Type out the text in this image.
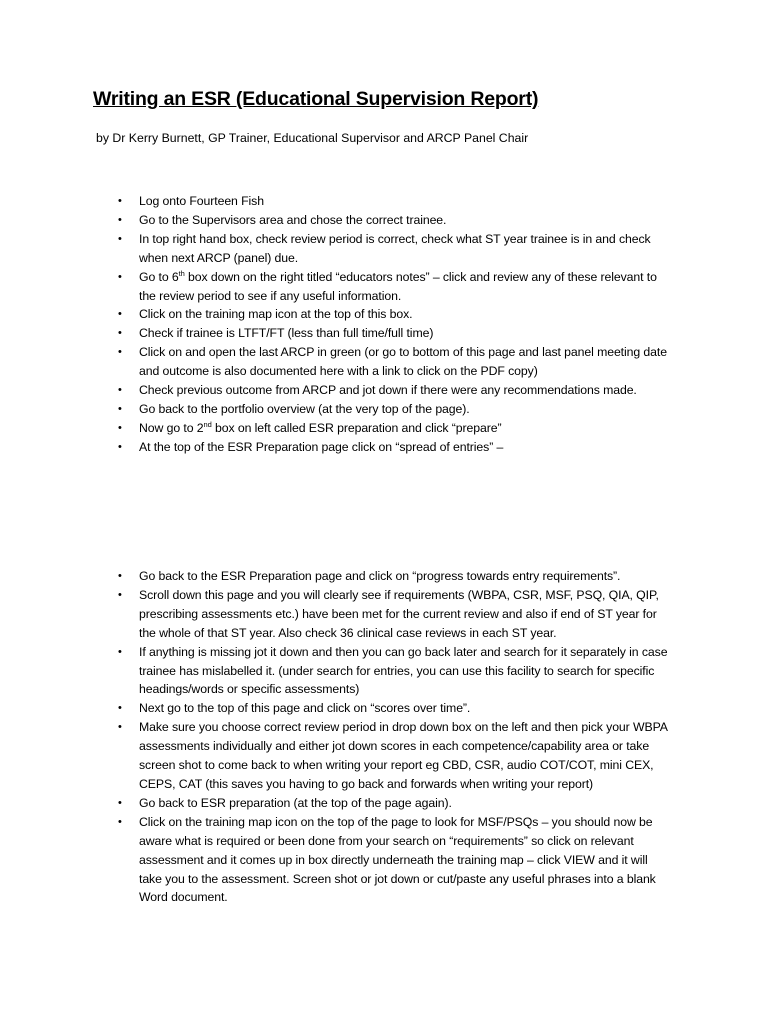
Writing an ESR (Educational Supervision Report)
by Dr Kerry Burnett, GP Trainer, Educational Supervisor and ARCP Panel Chair
• Log onto Fourteen Fish
• Go to the Supervisors area and chose the correct trainee.
• In top right hand box, check review period is correct, check what ST year trainee is in and check when next ARCP (panel) due.
• Go to 6th box down on the right titled “educators notes” – click and review any of these relevant to the review period to see if any useful information.
• Click on the training map icon at the top of this box.
• Check if trainee is LTFT/FT (less than full time/full time)
• Click on and open the last ARCP in green (or go to bottom of this page and last panel meeting date and outcome is also documented here with a link to click on the PDF copy)
• Check previous outcome from ARCP and jot down if there were any recommendations made.
• Go back to the portfolio overview (at the very top of the page).
• Now go to 2nd box on left called ESR preparation and click “prepare”
• At the top of the ESR Preparation page click on “spread of entries” –
• Go back to the ESR Preparation page and click on “progress towards entry requirements”.
• Scroll down this page and you will clearly see if requirements (WBPA, CSR, MSF, PSQ, QIA, QIP, prescribing assessments etc.) have been met for the current review and also if end of ST year for the whole of that ST year. Also check 36 clinical case reviews in each ST year.
• If anything is missing jot it down and then you can go back later and search for it separately in case trainee has mislabelled it. (under search for entries, you can use this facility to search for specific headings/words or specific assessments)
• Next go to the top of this page and click on “scores over time”.
• Make sure you choose correct review period in drop down box on the left and then pick your WBPA assessments individually and either jot down scores in each competence/capability area or take screen shot to come back to when writing your report eg CBD, CSR, audio COT/COT, mini CEX, CEPS, CAT (this saves you having to go back and forwards when writing your report)
• Go back to ESR preparation (at the top of the page again).
• Click on the training map icon on the top of the page to look for MSF/PSQs – you should now be aware what is required or been done from your search on “requirements” so click on relevant assessment and it comes up in box directly underneath the training map – click VIEW and it will take you to the assessment. Screen shot or jot down or cut/paste any useful phrases into a blank Word document.
